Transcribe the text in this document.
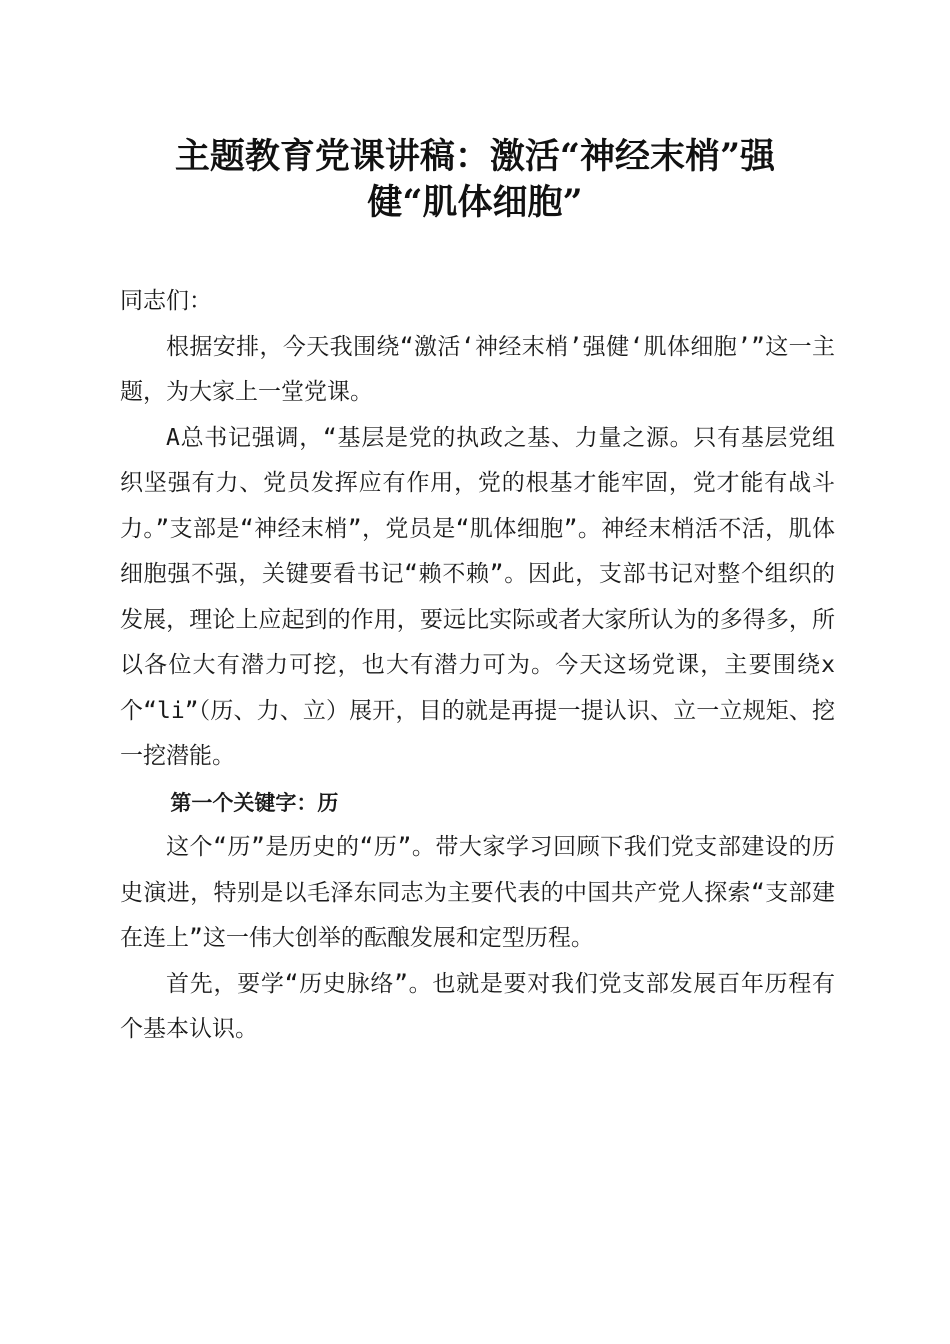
主题教育党课讲稿：激活“神经末梢”强
健“肌体细胞”

同志们：

根据安排，今天我围绕“激活‘神经末梢’强健‘肌体细胞’”这一主题，为大家上一堂党课。

A总书记强调，“基层是党的执政之基、力量之源。只有基层党组织坚强有力、党员发挥应有作用，党的根基才能牢固，党才能有战斗力。”支部是“神经末梢”，党员是“肌体细胞”。神经末梢活不活，肌体细胞强不强，关键要看书记“赖不赖”。因此，支部书记对整个组织的发展，理论上应起到的作用，要远比实际或者大家所认为的多得多，所以各位大有潜力可挖，也大有潜力可为。今天这场党课，主要围绕x个“li”（历、力、立）展开，目的就是再提一提认识、立一立规矩、挖一挖潜能。

第一个关键字：历

这个“历”是历史的“历”。带大家学习回顾下我们党支部建设的历史演进，特别是以毛泽东同志为主要代表的中国共产党人探索“支部建在连上”这一伟大创举的酝酿发展和定型历程。

首先，要学“历史脉络”。也就是要对我们党支部发展百年历程有个基本认识。
